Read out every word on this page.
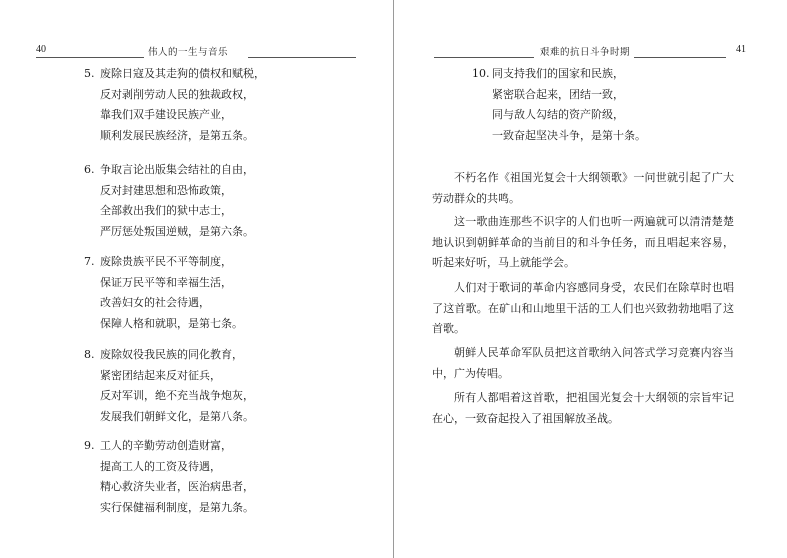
40	伟人的一生与音乐
5. 废除日寇及其走狗的债权和赋税，
反对剥削劳动人民的独裁政权，
靠我们双手建设民族产业，
顺利发展民族经济，是第五条。
6. 争取言论出版集会结社的自由，
反对封建思想和恐怖政策，
全部救出我们的狱中志士，
严厉惩处叛国逆贼，是第六条。
7. 废除贵族平民不平等制度，
保证万民平等和幸福生活，
改善妇女的社会待遇，
保障人格和就职，是第七条。
8. 废除奴役我民族的同化教育，
紧密团结起来反对征兵，
反对军训，绝不充当战争炮灰，
发展我们朝鲜文化，是第八条。
9. 工人的辛勤劳动创造财富，
提高工人的工资及待遇，
精心救济失业者，医治病患者，
实行保健福利制度，是第九条。
艰难的抗日斗争时期	41
10. 同支持我们的国家和民族，
紧密联合起来，团结一致，
同与敌人勾结的资产阶级，
一致奋起坚决斗争，是第十条。

不朽名作《祖国光复会十大纲领歌》一问世就引起了广大劳动群众的共鸣。

这一歌曲连那些不识字的人们也听一两遍就可以清清楚楚地认识到朝鲜革命的当前目的和斗争任务，而且唱起来容易，听起来好听，马上就能学会。

人们对于歌词的革命内容感同身受，农民们在除草时也唱了这首歌。在矿山和山地里干活的工人们也兴致勃勃地唱了这首歌。

朝鲜人民革命军队员把这首歌纳入问答式学习竞赛内容当中，广为传唱。

所有人都唱着这首歌，把祖国光复会十大纲领的宗旨牢记在心，一致奋起投入了祖国解放圣战。
